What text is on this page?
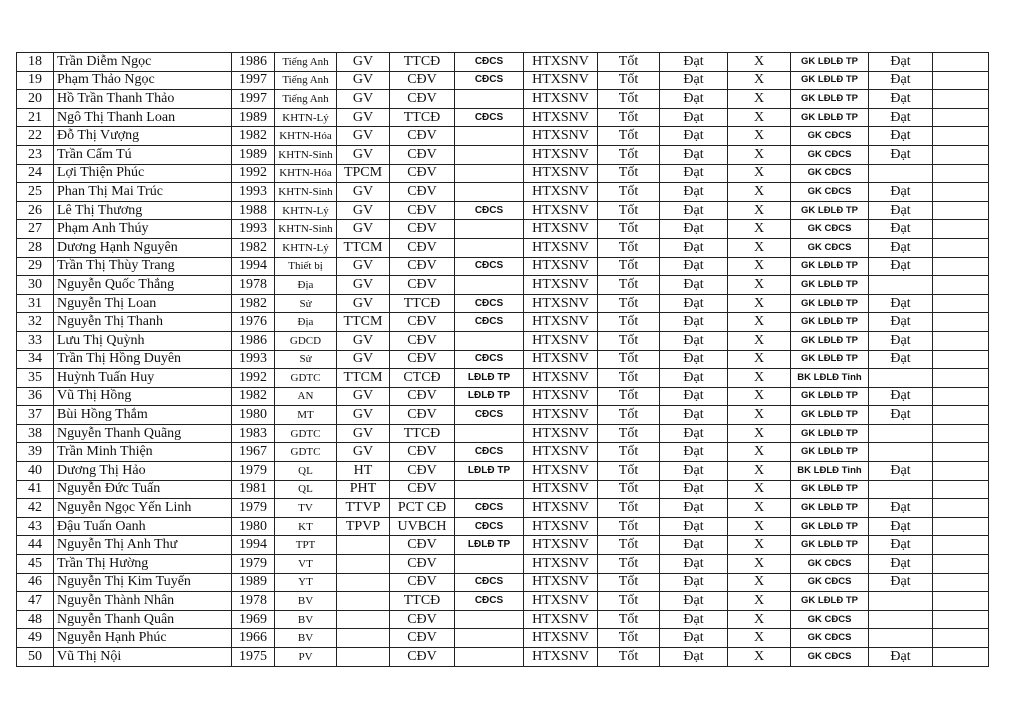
18	Trần Diễm Ngọc	1986	Tiếng Anh	GV	TTCĐ	CĐCS	HTXSNV	Tốt	Đạt	X	GK LĐLĐ TP	Đạt	
19	Phạm Thảo Ngọc	1997	Tiếng Anh	GV	CĐV	CĐCS	HTXSNV	Tốt	Đạt	X	GK LĐLĐ TP	Đạt	
20	Hồ Trần Thanh Thảo	1997	Tiếng Anh	GV	CĐV		HTXSNV	Tốt	Đạt	X	GK LĐLĐ TP	Đạt	
21	Ngô Thị Thanh Loan	1989	KHTN-Lý	GV	TTCĐ	CĐCS	HTXSNV	Tốt	Đạt	X	GK LĐLĐ TP	Đạt	
22	Đỗ Thị Vượng	1982	KHTN-Hóa	GV	CĐV		HTXSNV	Tốt	Đạt	X	GK CĐCS	Đạt	
23	Trần Cẩm Tú	1989	KHTN-Sinh	GV	CĐV		HTXSNV	Tốt	Đạt	X	GK CĐCS	Đạt	
24	Lợi Thiện Phúc	1992	KHTN-Hóa	TPCM	CĐV		HTXSNV	Tốt	Đạt	X	GK CĐCS		
25	Phan Thị Mai Trúc	1993	KHTN-Sinh	GV	CĐV		HTXSNV	Tốt	Đạt	X	GK CĐCS	Đạt	
26	Lê Thị Thương	1988	KHTN-Lý	GV	CĐV	CĐCS	HTXSNV	Tốt	Đạt	X	GK LĐLĐ TP	Đạt	
27	Phạm Anh Thúy	1993	KHTN-Sinh	GV	CĐV		HTXSNV	Tốt	Đạt	X	GK CĐCS	Đạt	
28	Dương Hạnh Nguyên	1982	KHTN-Lý	TTCM	CĐV		HTXSNV	Tốt	Đạt	X	GK CĐCS	Đạt	
29	Trần Thị Thùy Trang	1994	Thiết bị	GV	CĐV	CĐCS	HTXSNV	Tốt	Đạt	X	GK LĐLĐ TP	Đạt	
30	Nguyễn Quốc Thắng	1978	Địa	GV	CĐV		HTXSNV	Tốt	Đạt	X	GK LĐLĐ TP		
31	Nguyễn Thị Loan	1982	Sử	GV	TTCĐ	CĐCS	HTXSNV	Tốt	Đạt	X	GK LĐLĐ TP	Đạt	
32	Nguyễn Thị Thanh	1976	Địa	TTCM	CĐV	CĐCS	HTXSNV	Tốt	Đạt	X	GK LĐLĐ TP	Đạt	
33	Lưu Thị Quỳnh	1986	GDCD	GV	CĐV		HTXSNV	Tốt	Đạt	X	GK LĐLĐ TP	Đạt	
34	Trần Thị Hồng Duyên	1993	Sử	GV	CĐV	CĐCS	HTXSNV	Tốt	Đạt	X	GK LĐLĐ TP	Đạt	
35	Huỳnh Tuấn Huy	1992	GDTC	TTCM	CTCĐ	LĐLĐ TP	HTXSNV	Tốt	Đạt	X	BK LĐLĐ Tỉnh		
36	Vũ Thị Hồng	1982	AN	GV	CĐV	LĐLĐ TP	HTXSNV	Tốt	Đạt	X	GK LĐLĐ TP	Đạt	
37	Bùi Hồng Thắm	1980	MT	GV	CĐV	CĐCS	HTXSNV	Tốt	Đạt	X	GK LĐLĐ TP	Đạt	
38	Nguyễn Thanh Quãng	1983	GDTC	GV	TTCĐ		HTXSNV	Tốt	Đạt	X	GK LĐLĐ TP		
39	Trần Minh Thiện	1967	GDTC	GV	CĐV	CĐCS	HTXSNV	Tốt	Đạt	X	GK LĐLĐ TP		
40	Dương Thị Hảo	1979	QL	HT	CĐV	LĐLĐ TP	HTXSNV	Tốt	Đạt	X	BK LĐLĐ Tỉnh	Đạt	
41	Nguyễn Đức Tuấn	1981	QL	PHT	CĐV		HTXSNV	Tốt	Đạt	X	GK LĐLĐ TP		
42	Nguyễn Ngọc Yến Linh	1979	TV	TTVP	PCT CĐ	CĐCS	HTXSNV	Tốt	Đạt	X	GK LĐLĐ TP	Đạt	
43	Đậu Tuấn Oanh	1980	KT	TPVP	UVBCH	CĐCS	HTXSNV	Tốt	Đạt	X	GK LĐLĐ TP	Đạt	
44	Nguyễn Thị Anh Thư	1994	TPT		CĐV	LĐLĐ TP	HTXSNV	Tốt	Đạt	X	GK LĐLĐ TP	Đạt	
45	Trần Thị Hường	1979	VT		CĐV		HTXSNV	Tốt	Đạt	X	GK CĐCS	Đạt	
46	Nguyễn Thị Kim Tuyến	1989	YT		CĐV	CĐCS	HTXSNV	Tốt	Đạt	X	GK CĐCS	Đạt	
47	Nguyễn Thành Nhân	1978	BV		TTCĐ	CĐCS	HTXSNV	Tốt	Đạt	X	GK LĐLĐ TP		
48	Nguyễn Thanh Quân	1969	BV		CĐV		HTXSNV	Tốt	Đạt	X	GK CĐCS		
49	Nguyễn Hạnh Phúc	1966	BV		CĐV		HTXSNV	Tốt	Đạt	X	GK CĐCS		
50	Vũ Thị Nội	1975	PV		CĐV		HTXSNV	Tốt	Đạt	X	GK CĐCS	Đạt	
